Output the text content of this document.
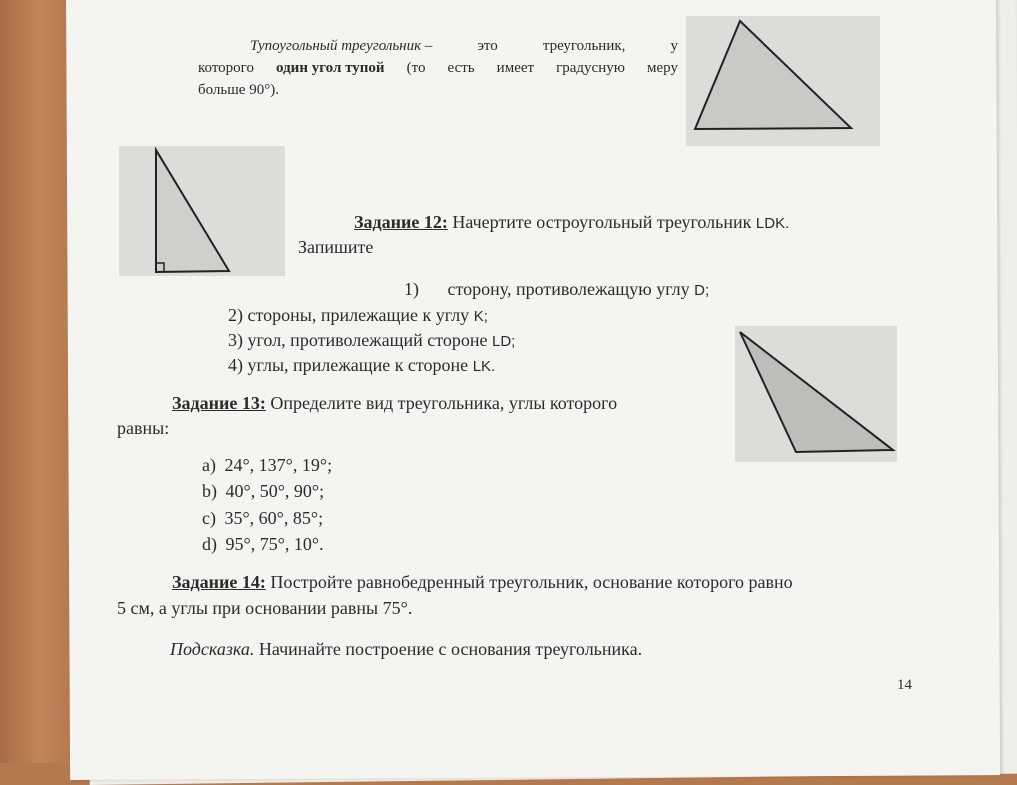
Тупоугольный треугольник –	это	треугольник,	у
которого один угол тупой (то есть имеет градусную меру
больше 90°).
Задание 12: Начертите остроугольный треугольник LDK.
Запишите
1) сторону, противолежащую углу D;
2) стороны, прилежащие к углу K;
3) угол, противолежащий стороне LD;
4) углы, прилежащие к стороне LK.
Задание 13: Определите вид треугольника, углы которого
равны:
a) 24°, 137°, 19°;
b) 40°, 50°, 90°;
c) 35°, 60°, 85°;
d) 95°, 75°, 10°.
Задание 14: Постройте равнобедренный треугольник, основание которого равно
5 см, а углы при основании равны 75°.
Подсказка. Начинайте построение с основания треугольника.
14
